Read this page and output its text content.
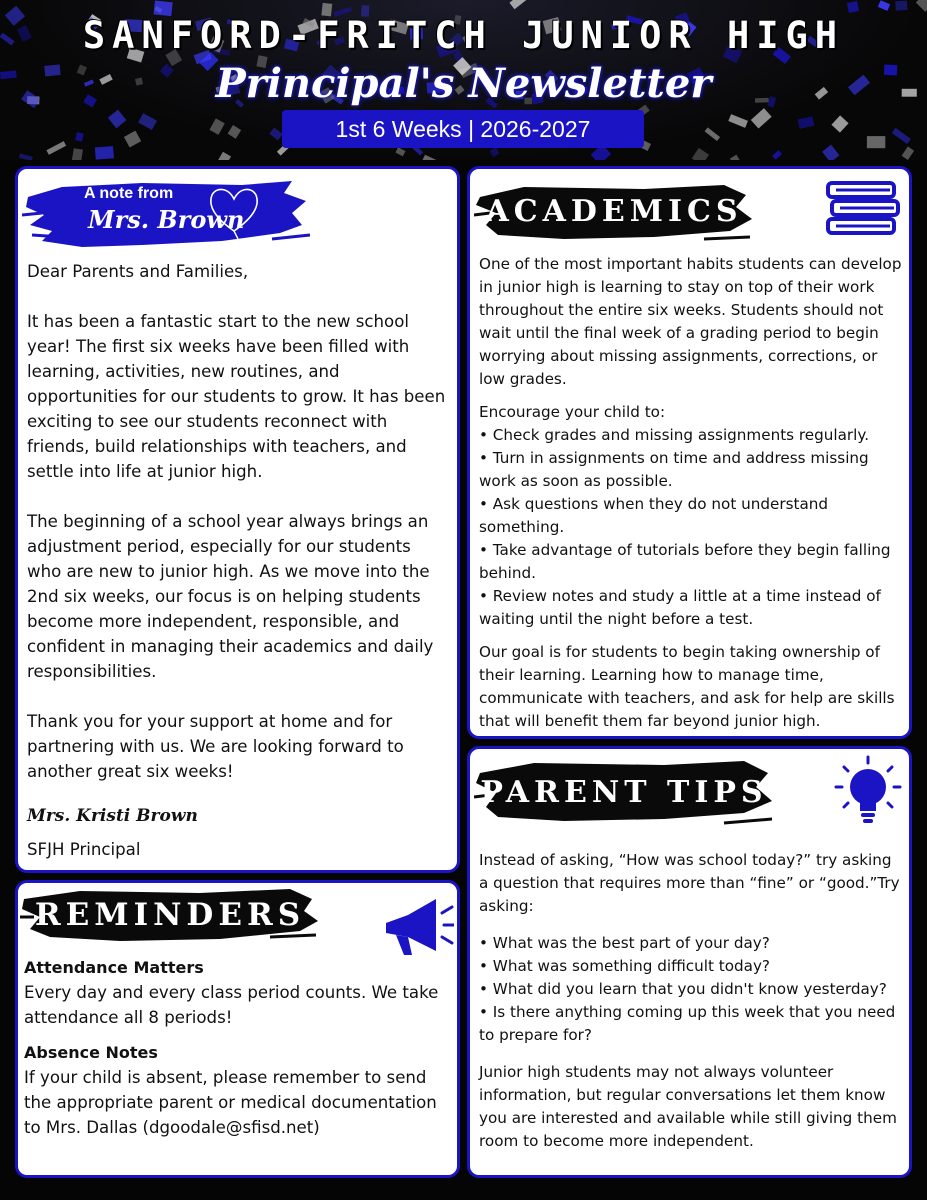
SANFORD-FRITCH JUNIOR HIGH
Principal's Newsletter
1st 6 Weeks | 2026-2027
A note from
Mrs. Brown

Dear Parents and Families,

It has been a fantastic start to the new school year! The first six weeks have been filled with learning, activities, new routines, and opportunities for our students to grow. It has been exciting to see our students reconnect with friends, build relationships with teachers, and settle into life at junior high.

The beginning of a school year always brings an adjustment period, especially for our students who are new to junior high. As we move into the 2nd six weeks, our focus is on helping students become more independent, responsible, and confident in managing their academics and daily responsibilities.

Thank you for your support at home and for partnering with us. We are looking forward to another great six weeks!

Mrs. Kristi Brown

SFJH Principal

REMINDERS

Attendance Matters

Every day and every class period counts. We take attendance all 8 periods!

Absence Notes

If your child is absent, please remember to send the appropriate parent or medical documentation to Mrs. Dallas (dgoodale@sfisd.net)

ACADEMICS

One of the most important habits students can develop in junior high is learning to stay on top of their work throughout the entire six weeks. Students should not wait until the final week of a grading period to begin worrying about missing assignments, corrections, or low grades.

Encourage your child to:

• Check grades and missing assignments regularly.
• Turn in assignments on time and address missing work as soon as possible.
• Ask questions when they do not understand something.
• Take advantage of tutorials before they begin falling behind.
• Review notes and study a little at a time instead of waiting until the night before a test.

Our goal is for students to begin taking ownership of their learning. Learning how to manage time, communicate with teachers, and ask for help are skills that will benefit them far beyond junior high.

PARENT TIPS

Instead of asking, “How was school today?” try asking a question that requires more than “fine” or “good.”Try asking:

• What was the best part of your day?
• What was something difficult today?
• What did you learn that you didn't know yesterday?
• Is there anything coming up this week that you need to prepare for?

Junior high students may not always volunteer information, but regular conversations let them know you are interested and available while still giving them room to become more independent.
